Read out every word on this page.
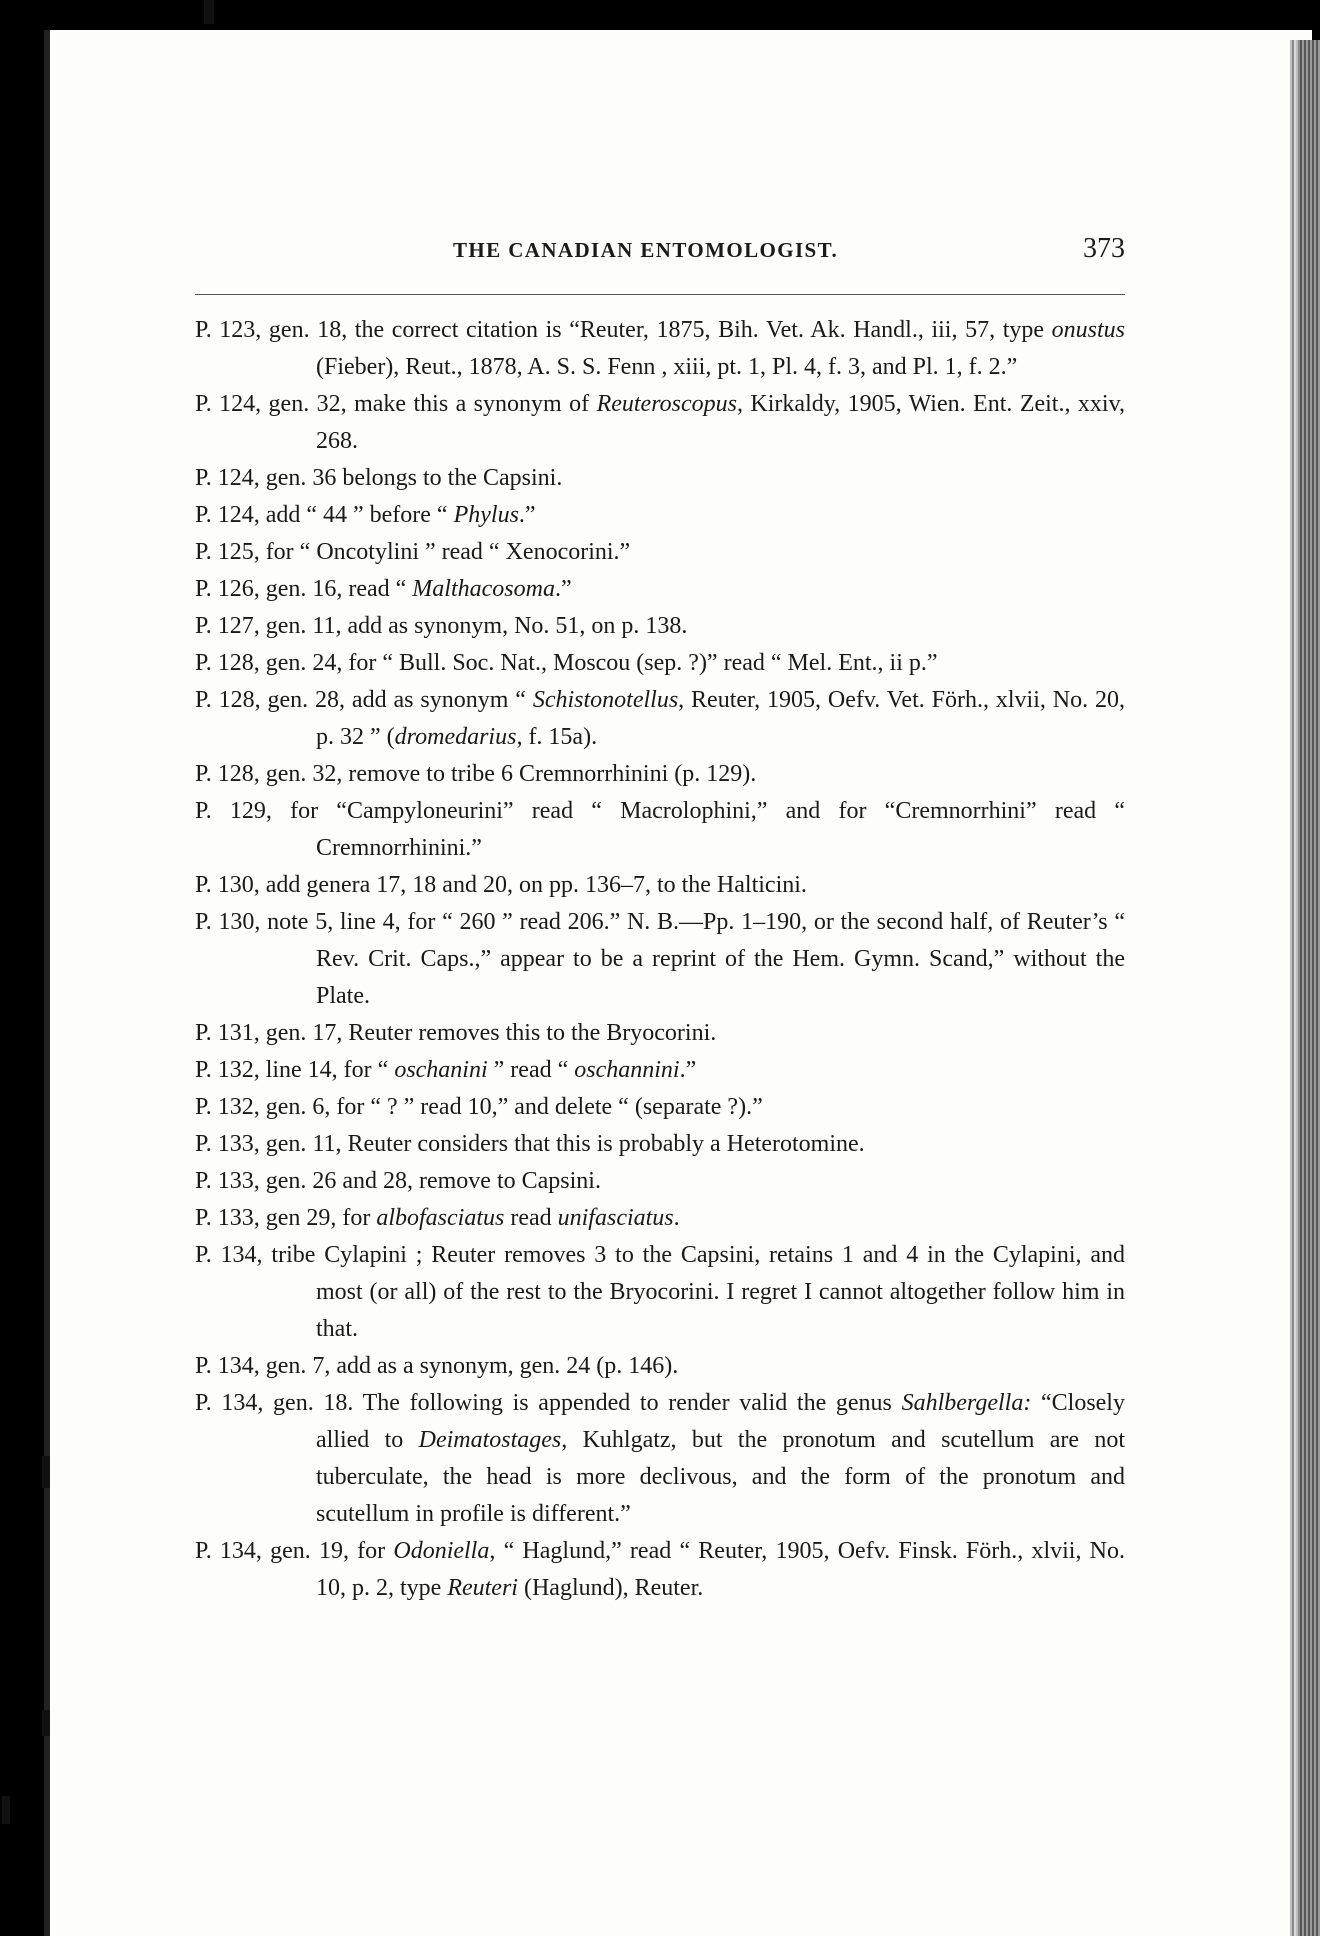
THE CANADIAN ENTOMOLOGIST.	373
P. 123, gen. 18, the correct citation is “Reuter, 1875, Bih. Vet. Ak. Handl., iii, 57, type onustus (Fieber), Reut., 1878, A. S. S. Fenn , xiii, pt. 1, Pl. 4, f. 3, and Pl. 1, f. 2.”
P. 124, gen. 32, make this a synonym of Reuteroscopus, Kirkaldy, 1905, Wien. Ent. Zeit., xxiv, 268.
P. 124, gen. 36 belongs to the Capsini.
P. 124, add “ 44 ” before “ Phylus.”
P. 125, for “ Oncotylini ” read “ Xenocorini.”
P. 126, gen. 16, read “ Malthacosoma.”
P. 127, gen. 11, add as synonym, No. 51, on p. 138.
P. 128, gen. 24, for “ Bull. Soc. Nat., Moscou (sep. ?)” read “ Mel. Ent., ii p.”
P. 128, gen. 28, add as synonym “ Schistonotellus, Reuter, 1905, Oefv. Vet. Förh., xlvii, No. 20, p. 32 ” (dromedarius, f. 15a).
P. 128, gen. 32, remove to tribe 6 Cremnorrhinini (p. 129).
P. 129, for “Campyloneurini” read “ Macrolophini,” and for “Cremnorrhini” read “ Cremnorrhinini.”
P. 130, add genera 17, 18 and 20, on pp. 136–7, to the Halticini.
P. 130, note 5, line 4, for “ 260 ” read 206.” N. B.—Pp. 1–190, or the second half, of Reuter’s “ Rev. Crit. Caps.,” appear to be a reprint of the Hem. Gymn. Scand,” without the Plate.
P. 131, gen. 17, Reuter removes this to the Bryocorini.
P. 132, line 14, for “ oschanini ” read “ oschannini.”
P. 132, gen. 6, for “ ? ” read 10,” and delete “ (separate ?).”
P. 133, gen. 11, Reuter considers that this is probably a Heterotomine.
P. 133, gen. 26 and 28, remove to Capsini.
P. 133, gen 29, for albofasciatus read unifasciatus.
P. 134, tribe Cylapini ; Reuter removes 3 to the Capsini, retains 1 and 4 in the Cylapini, and most (or all) of the rest to the Bryocorini. I regret I cannot altogether follow him in that.
P. 134, gen. 7, add as a synonym, gen. 24 (p. 146).
P. 134, gen. 18. The following is appended to render valid the genus Sahlbergella: “Closely allied to Deimatostages, Kuhlgatz, but the pronotum and scutellum are not tuberculate, the head is more declivous, and the form of the pronotum and scutellum in profile is different.”
P. 134, gen. 19, for Odoniella, “ Haglund,” read “ Reuter, 1905, Oefv. Finsk. Förh., xlvii, No. 10, p. 2, type Reuteri (Haglund), Reuter.
